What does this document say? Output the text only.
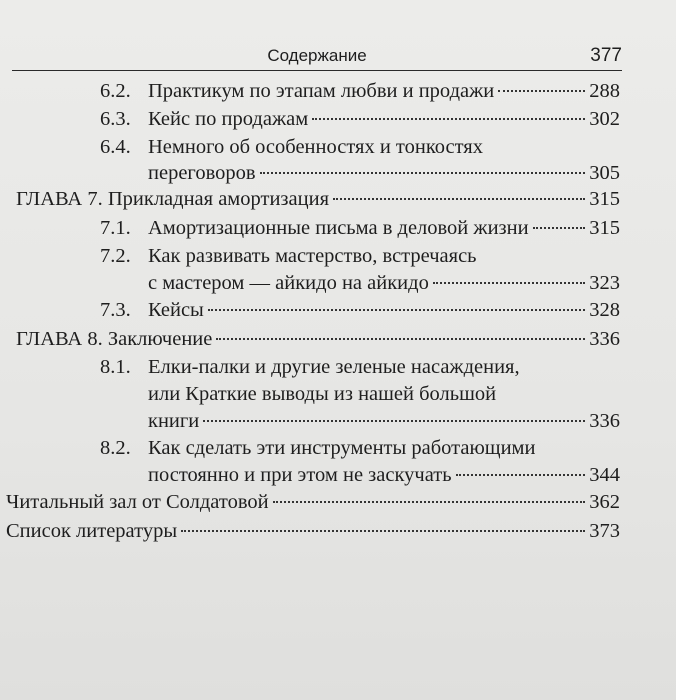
Содержание	377
6.2. Практикум по этапам любви и продажи	288
6.3. Кейс по продажам	302
6.4. Немного об особенностях и тонкостях
переговоров	305
ГЛАВА 7. Прикладная амортизация	315
7.1. Амортизационные письма в деловой жизни	315
7.2. Как развивать мастерство, встречаясь
с мастером — айкидо на айкидо	323
7.3. Кейсы	328
ГЛАВА 8. Заключение	336
8.1. Елки-палки и другие зеленые насаждения,
или Краткие выводы из нашей большой
книги	336
8.2. Как сделать эти инструменты работающими
постоянно и при этом не заскучать	344
Читальный зал от Солдатовой	362
Список литературы	373
